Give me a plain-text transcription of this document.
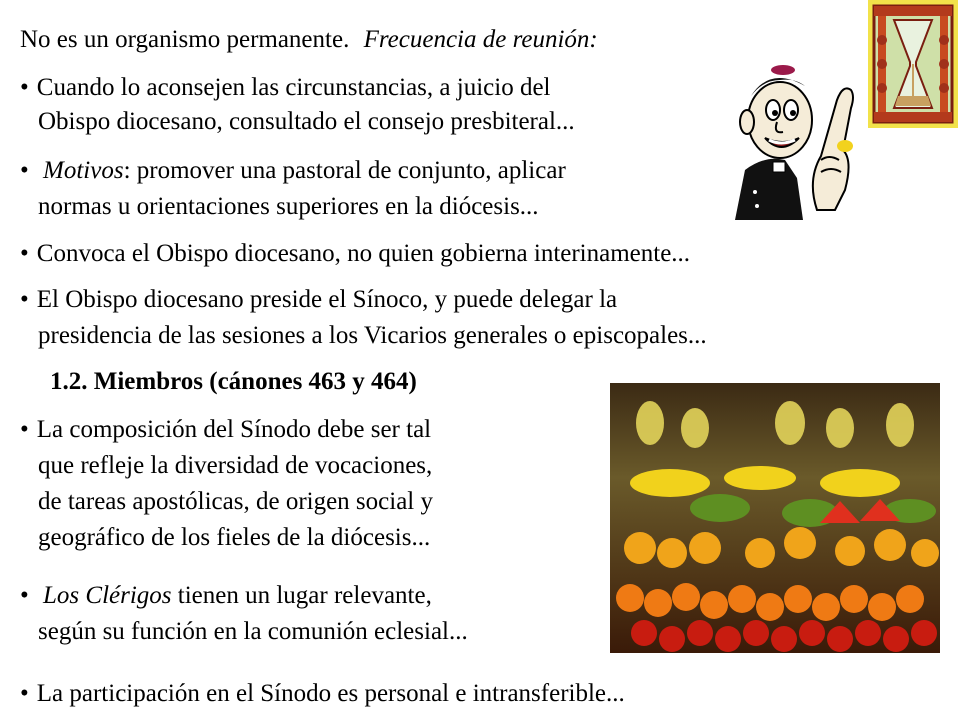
No es un organismo permanente. Frecuencia de reunión:
• Cuando lo aconsejen las circunstancias, a juicio del
Obispo diocesano, consultado el consejo presbiteral...
• Motivos: promover una pastoral de conjunto, aplicar
normas u orientaciones superiores en la diócesis...
• Convoca el Obispo diocesano, no quien gobierna interinamente...
• El Obispo diocesano preside el Sínoco, y puede delegar la
presidencia de las sesiones a los Vicarios generales o episcopales...
1.2. Miembros (cánones 463 y 464)
• La composición del Sínodo debe ser tal
que refleje la diversidad de vocaciones,
de tareas apostólicas, de origen social y
geográfico de los fieles de la diócesis...
• Los Clérigos tienen un lugar relevante,
según su función en la comunión eclesial...
• La participación en el Sínodo es personal e intransferible...
